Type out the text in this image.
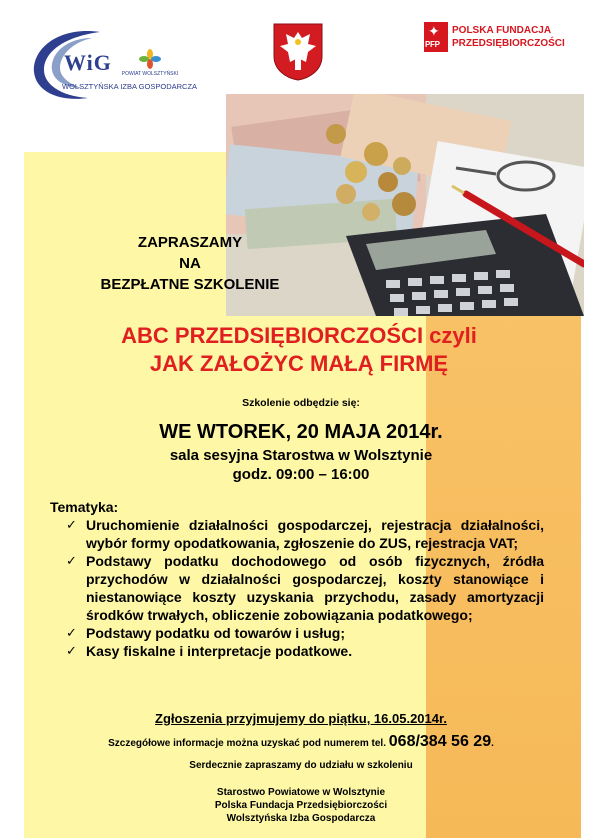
WiG	POWIAT WOLSZTYŃSKI
WOLSZTYŃSKA IZBA GOSPODARCZA
✦
PFP
POLSKA FUNDACJA
PRZEDSIĘBIORCZOŚCI
ZAPRASZAMY
NA
BEZPŁATNE SZKOLENIE
ABC PRZEDSIĘBIORCZOŚCI czyli
JAK ZAŁOŻYC MAŁĄ FIRMĘ
Szkolenie odbędzie się:
WE WTOREK, 20 MAJA 2014r.
sala sesyjna Starostwa w Wolsztynie
godz. 09:00 – 16:00
Tematyka:
✓ Uruchomienie działalności gospodarczej, rejestracja działalności, wybór formy opodatkowania, zgłoszenie do ZUS, rejestracja VAT;
✓ Podstawy podatku dochodowego od osób fizycznych, źródła przychodów w działalności gospodarczej, koszty stanowiące i niestanowiące koszty uzyskania przychodu, zasady amortyzacji środków trwałych, obliczenie zobowiązania podatkowego;
✓ Podstawy podatku od towarów i usług;
✓ Kasy fiskalne i interpretacje podatkowe.
Zgłoszenia przyjmujemy do piątku, 16.05.2014r.
Szczegółowe informacje można uzyskać pod numerem tel. 068/384 56 29.
Serdecznie zapraszamy do udziału w szkoleniu
Starostwo Powiatowe w Wolsztynie
Polska Fundacja Przedsiębiorczości
Wolsztyńska Izba Gospodarcza
